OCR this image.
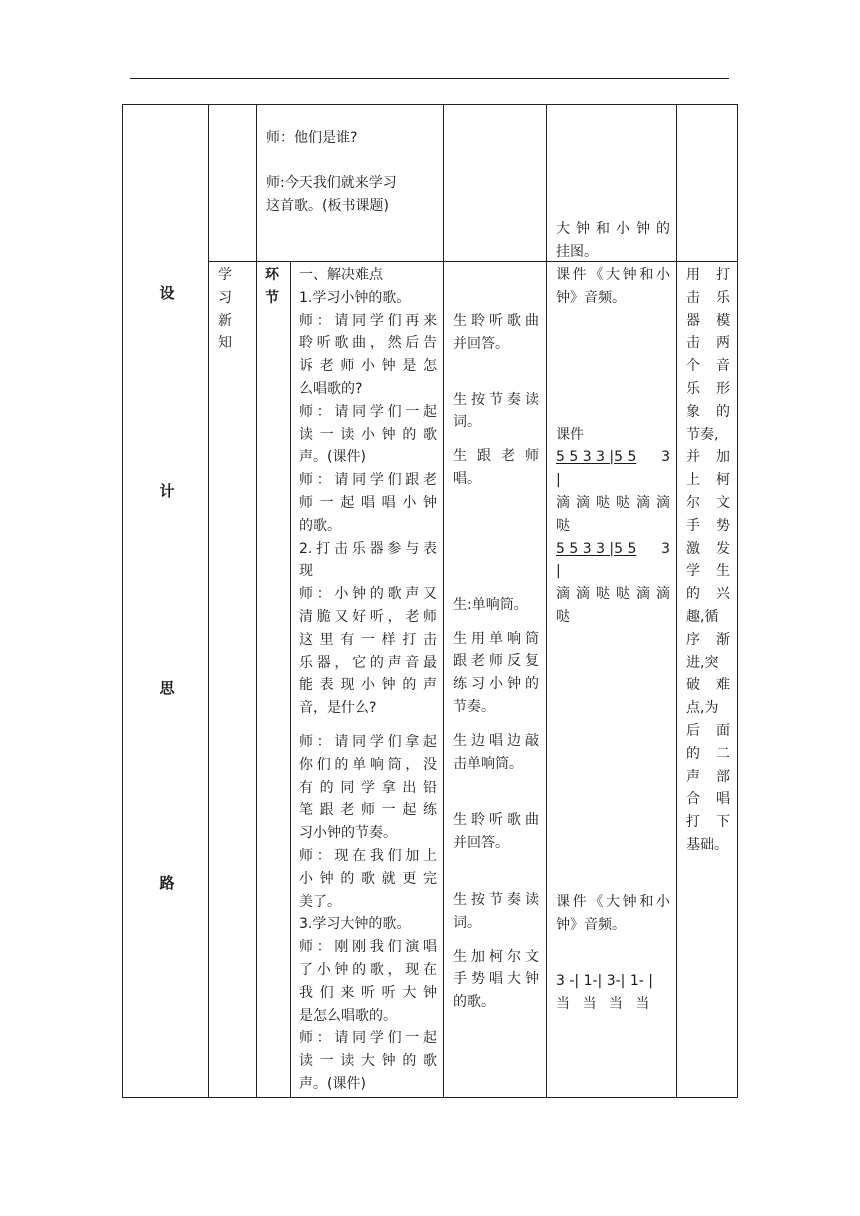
设
计
思
路

师：他们是谁?

师:今天我们就来学习

这首歌。(板书课题)

大钟和小钟的

挂图。

学

习

新

知

环

节

一、解决难点

1.学习小钟的歌。

师：请同学们再来

聆听歌曲，然后告

诉老师小钟是怎

么唱歌的?

师：请同学们一起

读一读小钟的歌

声。(课件)

师：请同学们跟老

师一起唱唱小钟

的歌。

2.打击乐器参与表

现

师：小钟的歌声又

清脆又好听，老师

这里有一样打击

乐器，它的声音最

能表现小钟的声

音，是什么?

师：请同学们拿起

你们的单响筒，没

有的同学拿出铅

笔跟老师一起练

习小钟的节奏。

师：现在我们加上

小钟的歌就更完

美了。

3.学习大钟的歌。

师：刚刚我们演唱

了小钟的歌，现在

我们来听听大钟

是怎么唱歌的。

师：请同学们一起

读一读大钟的歌

声。(课件)

生聆听歌曲

并回答。

生按节奏读

词。

生跟老师

唱。

生:单响筒。

生用单响筒

跟老师反复

练习小钟的

节奏。

生边唱边敲

击单响筒。

生聆听歌曲

并回答。

生按节奏读

词。

生加柯尔文

手势唱大钟

的歌。

课件《大钟和小

钟》音频。

课件

5 5 3 3 |5 5 3

|

滴滴哒哒滴滴

哒

5 5 3 3 |5 5 3

|

滴滴哒哒滴滴

哒

课件《大钟和小

钟》音频。

3 -| 1-| 3-| 1- |

当 当 当 当

用 打

击 乐

器 模

击 两

个 音

乐 形

象 的

节奏,

并 加

上 柯

尔 文

手 势

激 发

学 生

的 兴

趣,循

序 渐

进,突

破 难

点,为

后 面

的 二

声 部

合 唱

打 下

基础。
